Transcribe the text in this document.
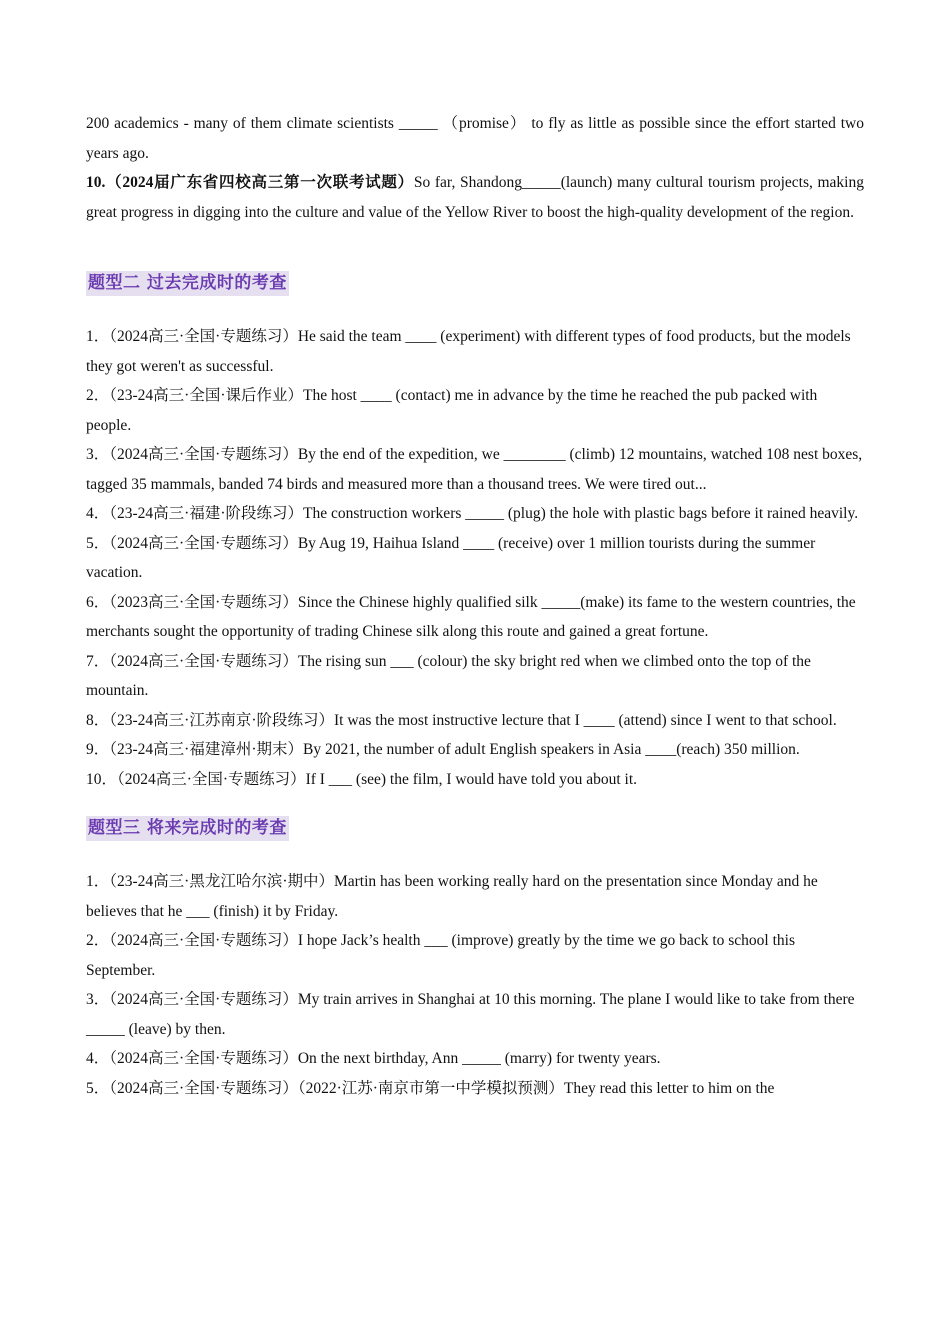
200 academics - many of them climate scientists _____ （promise） to fly as little as possible since the effort started two years ago.

10.（2024届广东省四校高三第一次联考试题）So far, Shandong_____(launch) many cultural tourism projects, making great progress in digging into the culture and value of the Yellow River to boost the high-quality development of the region.

题型二 过去完成时的考查

1．（2024高三·全国·专题练习）He said the team ____ (experiment) with different types of food products, but the models they got weren't as successful.

2．（23-24高三·全国·课后作业）The host ____ (contact) me in advance by the time he reached the pub packed with people.

3．（2024高三·全国·专题练习）By the end of the expedition, we ________ (climb) 12 mountains, watched 108 nest boxes, tagged 35 mammals, banded 74 birds and measured more than a thousand trees. We were tired out...

4．（23-24高三·福建·阶段练习）The construction workers _____ (plug) the hole with plastic bags before it rained heavily.

5．（2024高三·全国·专题练习）By Aug 19, Haihua Island ____ (receive) over 1 million tourists during the summer vacation.

6．（2023高三·全国·专题练习）Since the Chinese highly qualified silk _____(make) its fame to the western countries, the merchants sought the opportunity of trading Chinese silk along this route and gained a great fortune.

7．（2024高三·全国·专题练习）The rising sun ___ (colour) the sky bright red when we climbed onto the top of the mountain.

8．（23-24高三·江苏南京·阶段练习）It was the most instructive lecture that I ____ (attend) since I went to that school.

9．（23-24高三·福建漳州·期末）By 2021, the number of adult English speakers in Asia ____(reach) 350 million.

10．（2024高三·全国·专题练习）If I ___ (see) the film, I would have told you about it.

题型三 将来完成时的考查

1．（23-24高三·黑龙江哈尔滨·期中）Martin has been working really hard on the presentation since Monday and he believes that he ___ (finish) it by Friday.

2．（2024高三·全国·专题练习）I hope Jack’s health ___ (improve) greatly by the time we go back to school this September.

3．（2024高三·全国·专题练习）My train arrives in Shanghai at 10 this morning. The plane I would like to take from there _____ (leave) by then.

4．（2024高三·全国·专题练习）On the next birthday, Ann _____ (marry) for twenty years.

5．（2024高三·全国·专题练习）（2022·江苏·南京市第一中学模拟预测）They read this letter to him on the
